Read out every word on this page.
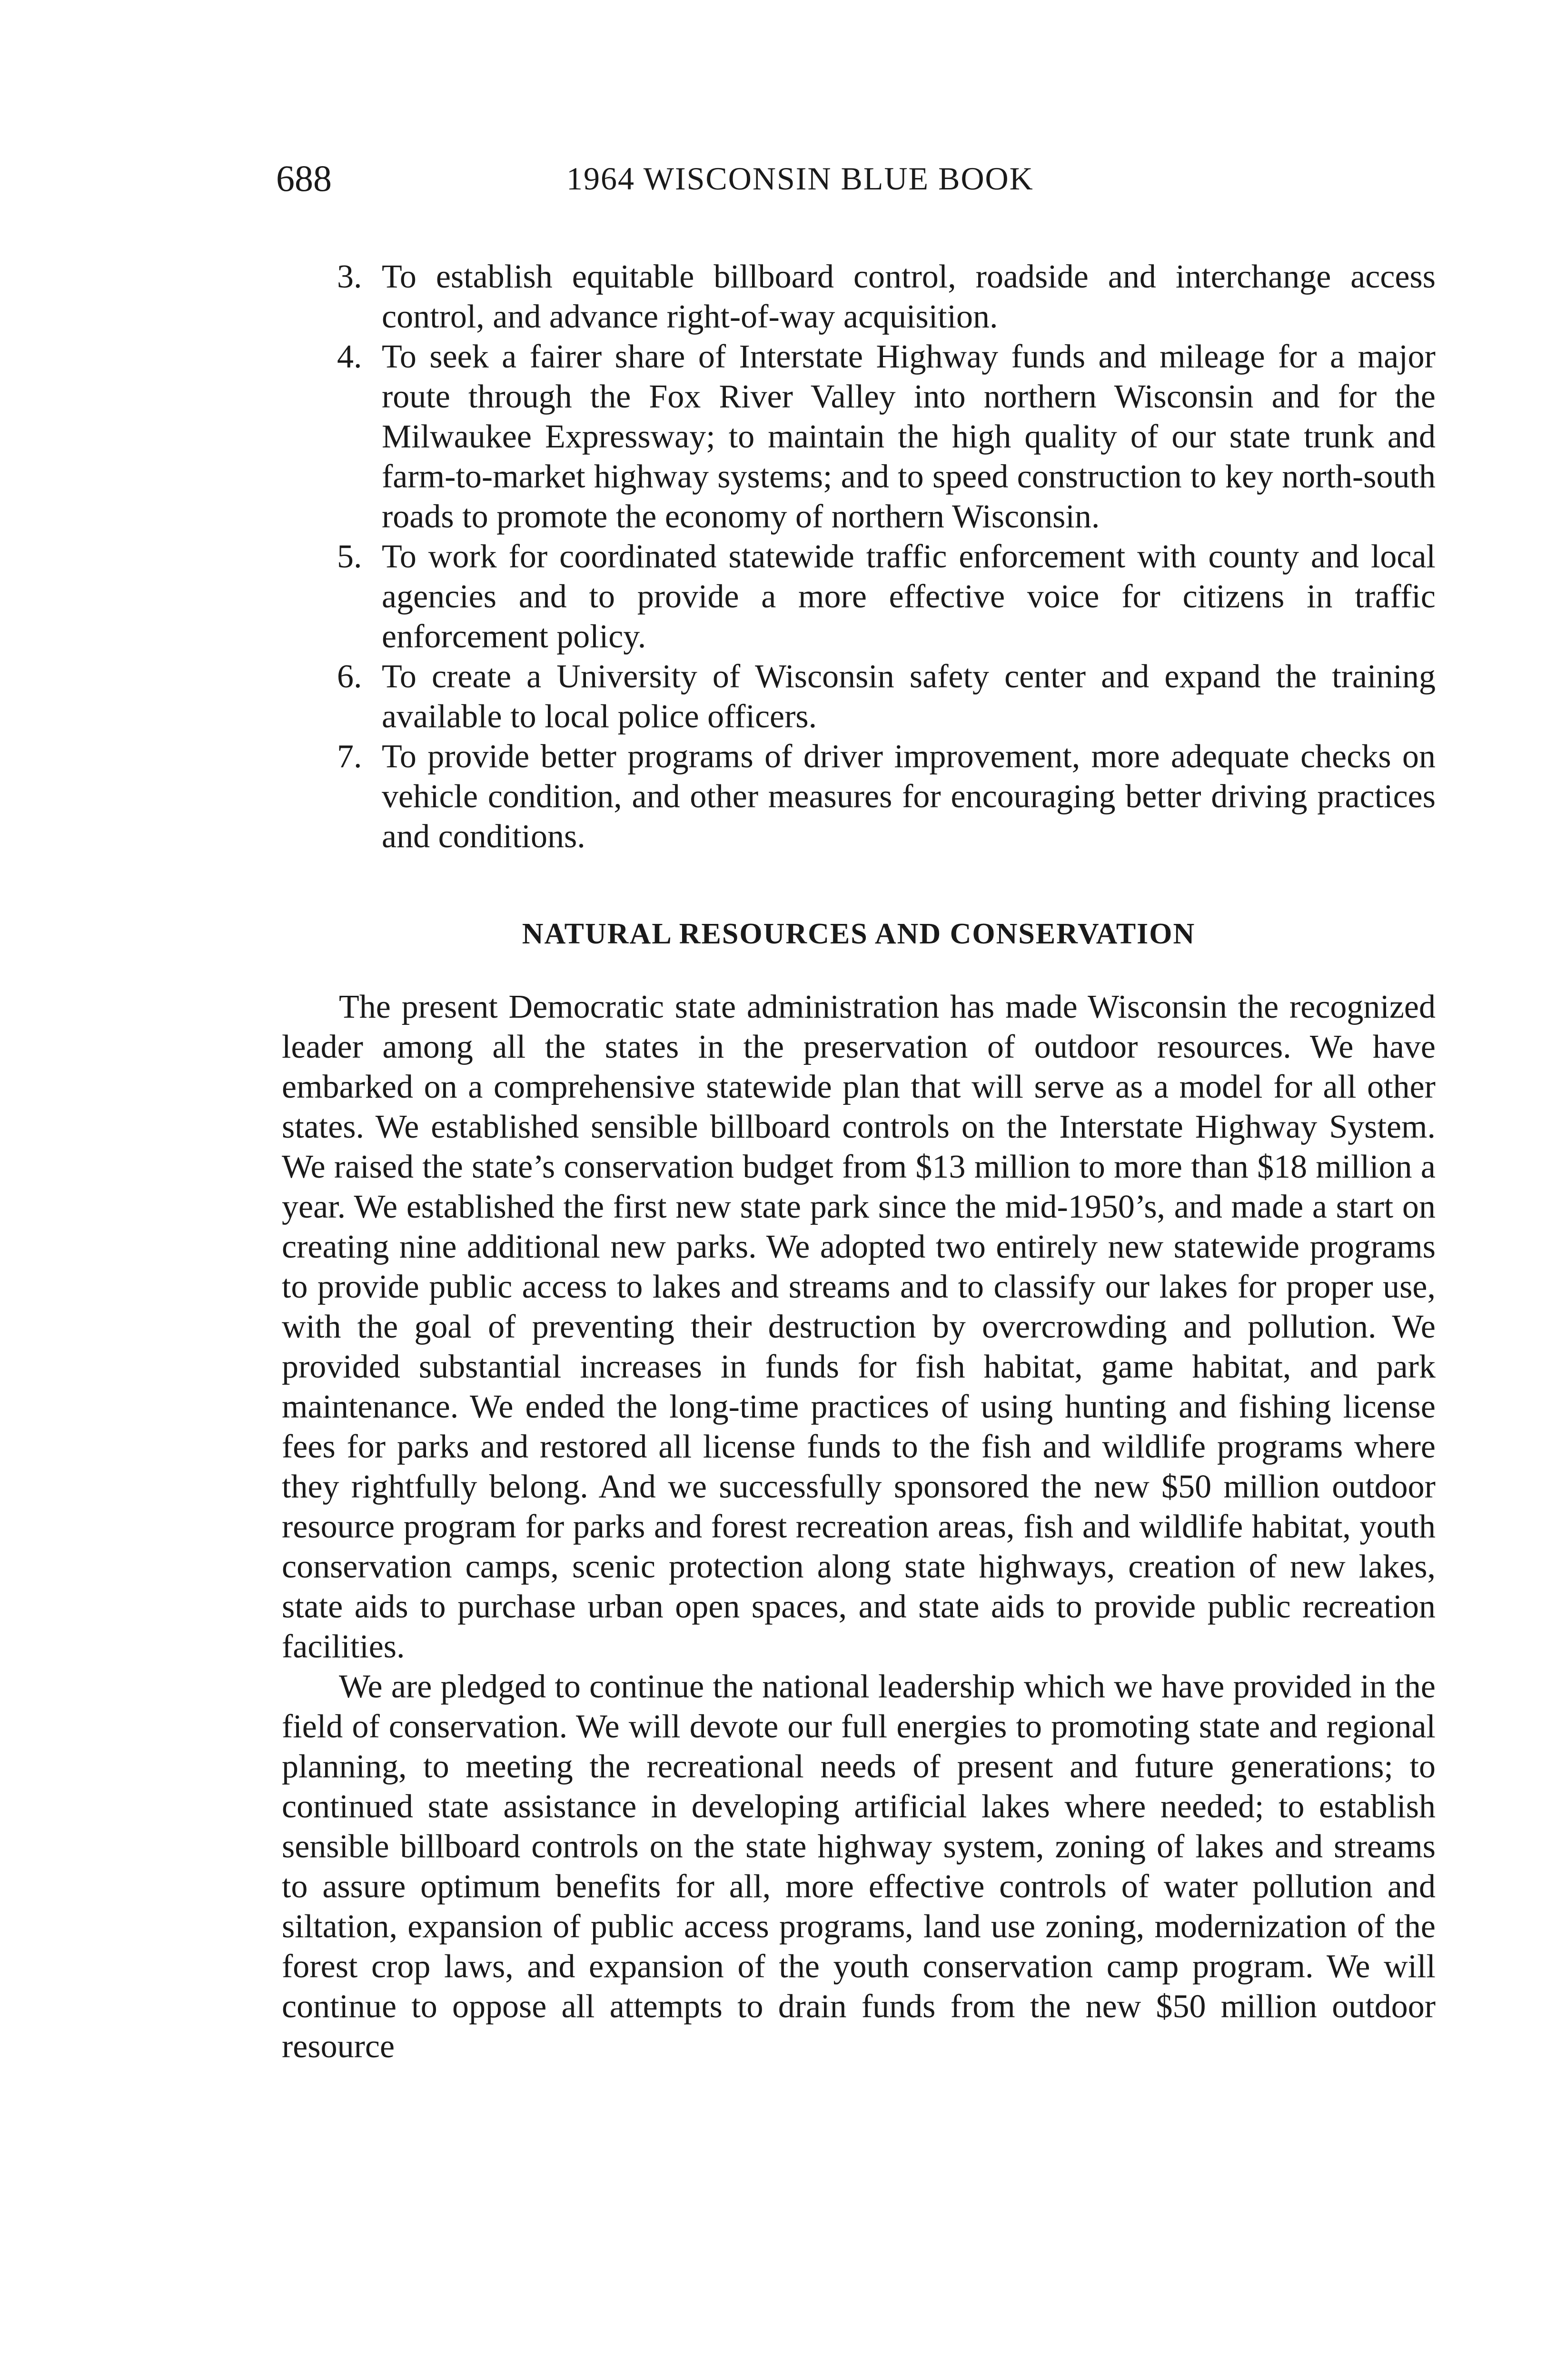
688	1964 WISCONSIN BLUE BOOK

3. To establish equitable billboard control, roadside and interchange access control, and advance right-of-way acquisition.

4. To seek a fairer share of Interstate Highway funds and mileage for a major route through the Fox River Valley into northern Wisconsin and for the Milwaukee Expressway; to maintain the high quality of our state trunk and farm-to-market highway systems; and to speed construction to key north-south roads to promote the economy of northern Wisconsin.

5. To work for coordinated statewide traffic enforcement with county and local agencies and to provide a more effective voice for citizens in traffic enforcement policy.

6. To create a University of Wisconsin safety center and expand the training available to local police officers.

7. To provide better programs of driver improvement, more adequate checks on vehicle condition, and other measures for encouraging better driving practices and conditions.

NATURAL RESOURCES AND CONSERVATION

The present Democratic state administration has made Wisconsin the recognized leader among all the states in the preservation of outdoor resources. We have embarked on a comprehensive statewide plan that will serve as a model for all other states. We established sensible billboard controls on the Interstate Highway System. We raised the state’s conservation budget from $13 million to more than $18 million a year. We established the first new state park since the mid-1950’s, and made a start on creating nine additional new parks. We adopted two entirely new statewide programs to provide public access to lakes and streams and to classify our lakes for proper use, with the goal of preventing their destruction by overcrowding and pollution. We provided substantial increases in funds for fish habitat, game habitat, and park maintenance. We ended the long-time practices of using hunting and fishing license fees for parks and restored all license funds to the fish and wildlife programs where they rightfully belong. And we successfully sponsored the new $50 million outdoor resource program for parks and forest recreation areas, fish and wildlife habitat, youth conservation camps, scenic protection along state highways, creation of new lakes, state aids to purchase urban open spaces, and state aids to provide public recreation facilities.

We are pledged to continue the national leadership which we have provided in the field of conservation. We will devote our full energies to promoting state and regional planning, to meeting the recreational needs of present and future generations; to continued state assistance in developing artificial lakes where needed; to establish sensible billboard controls on the state highway system, zoning of lakes and streams to assure optimum benefits for all, more effective controls of water pollution and siltation, expansion of public access programs, land use zoning, modernization of the forest crop laws, and expansion of the youth conservation camp program. We will continue to oppose all attempts to drain funds from the new $50 million outdoor resource
